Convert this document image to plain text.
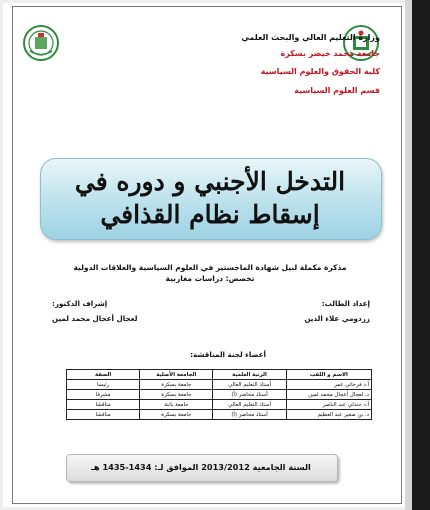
وزارة التعليم العالي والبحث العلمي
جامعة محمد خيضر بسكرة
كلية الحقوق والعلوم السياسية
قسم العلوم السياسية
التدخل الأجنبي و دوره في
إسقاط نظام القذافي
مذكرة مكملة لنيل شهادة الماجستير في العلوم السياسية والعلاقات الدولية
تخصص: دراسات مغاربية
إعداد الطالب:
زردومي علاء الدين
إشراف الدكتور:
لعجال أعجال محمد لمين
أعضاء لجنة المناقشة:
الاسم و اللقب	الرتبة العلمية	الجامعة الأصلية	الصفة
أ.د فرحاتي عمر	أستاذ التعليم العالي	جامعة بسكرة	رئيسا
د. لعجال أعجال محمد لمين	أستاذ محاضر (أ)	جامعة بسكرة	مشرفا
أ.د جندلي عبد الناصر	أستاذ التعليم العالي	جامعة باتنة	مناقشا
د. بن صغير عبد العظيم	أستاذ محاضر (أ)	جامعة بسكرة	مناقشا
السنة الجامعية 2013/2012 الموافق لـ: 1434-1435 هـ
